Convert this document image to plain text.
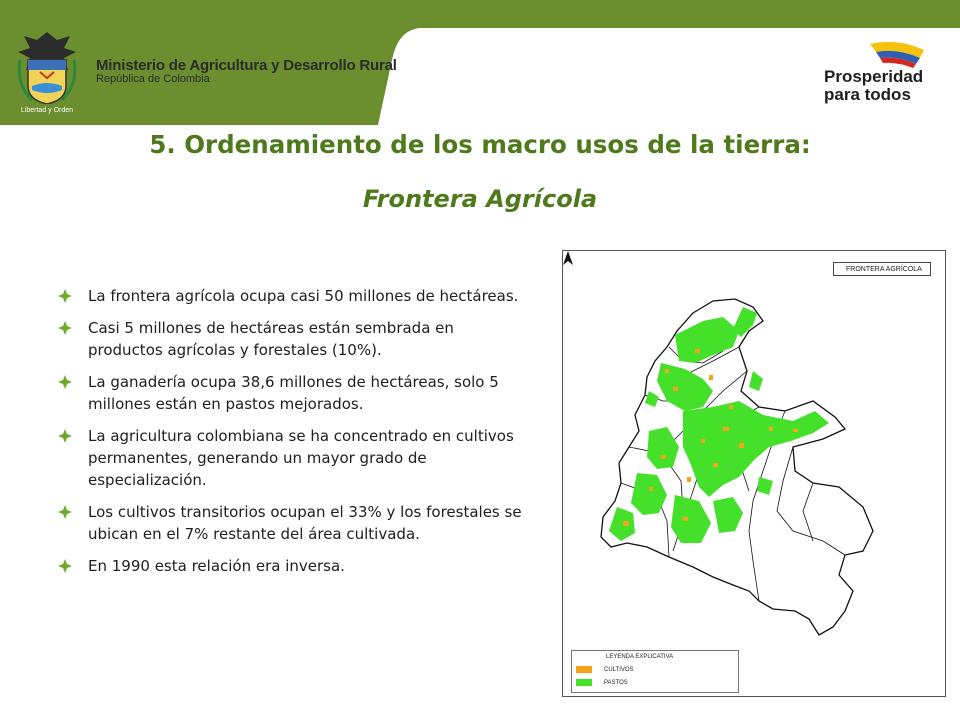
Libertad y Orden
Ministerio de Agricultura y Desarrollo Rural
República de Colombia	Prosperidad
para todos
5. Ordenamiento de los macro usos de la tierra:
Frontera Agrícola
La frontera agrícola ocupa casi 50 millones de hectáreas.
Casi 5 millones de hectáreas están sembrada en productos agrícolas y forestales (10%).
La ganadería ocupa 38,6 millones de hectáreas, solo 5 millones están en pastos mejorados.
La agricultura colombiana se ha concentrado en cultivos permanentes, generando un mayor grado de especialización.
Los cultivos transitorios ocupan el 33% y los forestales se ubican en el 7% restante del área cultivada.
En 1990 esta relación era inversa.
FRONTERA AGRÍCOLA
LEYENDA EXPLICATIVA
CULTIVOS
PASTOS
